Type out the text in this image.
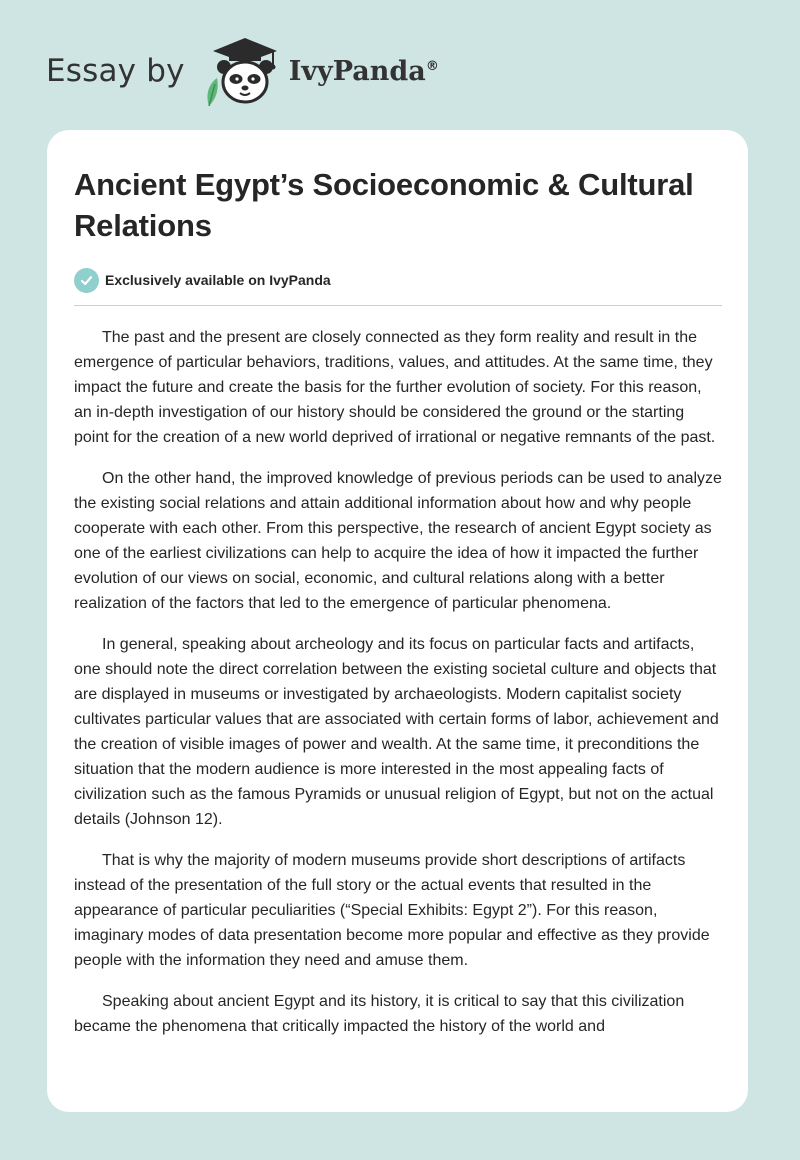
Essay by	IvyPanda®
Ancient Egypt’s Socioeconomic & Cultural Relations
Exclusively available on IvyPanda

The past and the present are closely connected as they form reality and result in the emergence of particular behaviors, traditions, values, and attitudes. At the same time, they impact the future and create the basis for the further evolution of society. For this reason, an in-depth investigation of our history should be considered the ground or the starting point for the creation of a new world deprived of irrational or negative remnants of the past.

On the other hand, the improved knowledge of previous periods can be used to analyze the existing social relations and attain additional information about how and why people cooperate with each other. From this perspective, the research of ancient Egypt society as one of the earliest civilizations can help to acquire the idea of how it impacted the further evolution of our views on social, economic, and cultural relations along with a better realization of the factors that led to the emergence of particular phenomena.

In general, speaking about archeology and its focus on particular facts and artifacts, one should note the direct correlation between the existing societal culture and objects that are displayed in museums or investigated by archaeologists. Modern capitalist society cultivates particular values that are associated with certain forms of labor, achievement and the creation of visible images of power and wealth. At the same time, it preconditions the situation that the modern audience is more interested in the most appealing facts of civilization such as the famous Pyramids or unusual religion of Egypt, but not on the actual details (Johnson 12).

That is why the majority of modern museums provide short descriptions of artifacts instead of the presentation of the full story or the actual events that resulted in the appearance of particular peculiarities (“Special Exhibits: Egypt 2”). For this reason, imaginary modes of data presentation become more popular and effective as they provide people with the information they need and amuse them.

Speaking about ancient Egypt and its history, it is critical to say that this civilization became the phenomena that critically impacted the history of the world and
